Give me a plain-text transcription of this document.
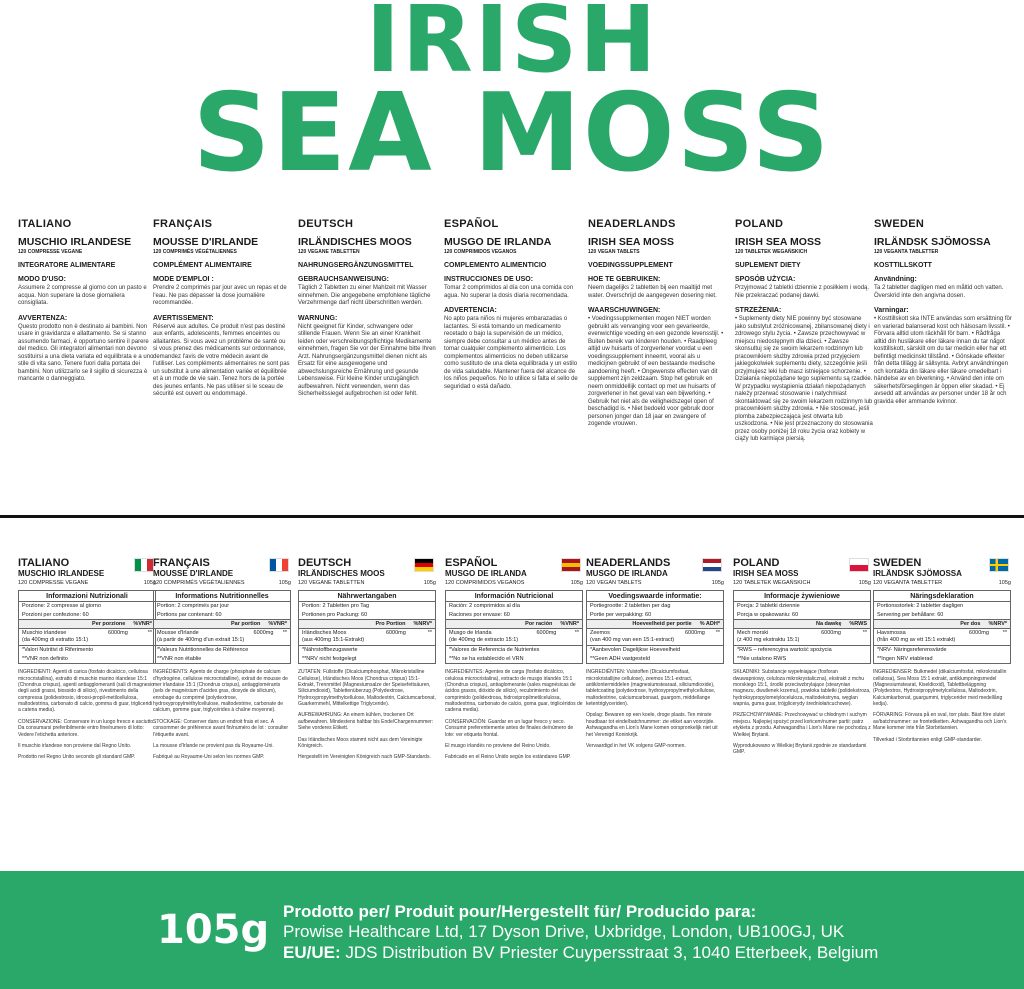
IRISH
SEA MOSS
ITALIANO
MUSCHIO IRLANDESE
120 COMPRESSE VEGANE
INTEGRATORE ALIMENTARE
MODO D'USO:
Assumere 2 compresse al giorno con un pasto e acqua. Non superare la dose giornaliera consigliata.
AVVERTENZA:
Questo prodotto non è destinato ai bambini. Non usare in gravidanza e allattamento. Se si stanno assumendo farmaci, è opportuno sentire il parere del medico. Gli integratori alimentari non devono sostituirsi a una dieta variata ed equilibrata e a uno stile di vita sano. Tenere fuori dalla portata dei bambini. Non utilizzarlo se il sigillo di sicurezza è mancante o danneggiato.
FRANÇAIS
MOUSSE D'IRLANDE
120 COMPRIMÉS VÉGÉTALIENNES
COMPLÉMENT ALIMENTAIRE
MODE D'EMPLOI :
Prendre 2 comprimés par jour avec un repas et de l'eau. Ne pas dépasser la dose journalière recommandée.
AVERTISSEMENT:
Réservé aux adultes. Ce produit n'est pas destiné aux enfants, adolescents, femmes enceintes ou allaitantes. Si vous avez un problème de santé ou si vous prenez des médicaments sur ordonnance, demandez l'avis de votre médecin avant de l'utiliser. Les compléments alimentaires ne sont pas un substitut à une alimentation variée et équilibrée et à un mode de vie sain. Tenez hors de la portée des jeunes enfants. Ne pas utiliser si le sceau de sécurité est ouvert ou endommagé.
DEUTSCH
IRLÄNDISCHES MOOS
120 VEGANE TABLETTEN
NAHRUNGSERGÄNZUNGSMITTEL
GEBRAUCHSANWEISUNG:
Täglich 2 Tabletten zu einer Mahlzeit mit Wasser einnehmen. Die angegebene empfohlene tägliche Verzehrmenge darf nicht überschritten werden.
WARNUNG:
Nicht geeignet für Kinder, schwangere oder stillende Frauen. Wenn Sie an einer Krankheit leiden oder verschreibungspflichtige Medikamente einnehmen, fragen Sie vor der Einnahme bitte Ihren Arzt. Nahrungsergänzungsmittel dienen nicht als Ersatz für eine ausgewogene und abwechslungsreiche Ernährung und gesunde Lebensweise. Für kleine Kinder unzugänglich aufbewahren. Nicht verwenden, wenn das Sicherheitssiegel aufgebrochen ist oder fehlt.
ESPAÑOL
MUSGO DE IRLANDA
120 COMPRIMIDOS VEGANOS
COMPLEMENTO ALIMENTICIO
INSTRUCCIONES DE USO:
Tomar 2 comprimidos al día con una comida con agua. No superar la dosis diaria recomendada.
ADVERTENCIA:
No apto para niños ni mujeres embarazadas o lactantes. Si está tomando un medicamento recetado o bajo la supervisión de un médico, siempre debe consultar a un médico antes de tomar cualquier complemento alimenticio. Los complementos alimenticios no deben utilizarse como sustituto de una dieta equilibrada y un estilo de vida saludable. Mantener fuera del alcance de los niños pequeños. No lo utilice si falta el sello de seguridad o está dañado.
NEADERLANDS
IRISH SEA MOSS
120 VEGAN TABLETS
VOEDINGSSUPPLEMENT
HOE TE GEBRUIKEN:
Neem dagelijks 2 tabletten bij een maaltijd met water. Overschrijd de aangegeven dosering niet.
WAARSCHUWINGEN:
• Voedingssupplementen mogen NIET worden gebruikt als vervanging voor een gevarieerde, evenwichtige voeding en een gezonde levensstijl. • Buiten bereik van kinderen houden. • Raadpleeg altijd uw huisarts of zorgverlener voordat u een voedingssupplement inneemt, vooral als u medicijnen gebruikt of een bestaande medische aandoening heeft. • Ongewenste effecten van dit supplement zijn zeldzaam. Stop het gebruik en neem onmiddellijk contact op met uw huisarts of zorgverlener in het geval van een bijwerking. • Gebruik het niet als de veiligheidszegel open of beschadigd is. • Niet bedoeld voor gebruik door personen jonger dan 18 jaar en zwangere of zogende vrouwen.
POLAND
IRISH SEA MOSS
120 TABLETEK WEGAŃSKICH
SUPLEMENT DIETY
SPOSÓB UŻYCIA:
Przyjmować 2 tabletki dziennie z posiłkiem i wodą. Nie przekraczać podanej dawki.
STRZEŻENIA:
• Suplementy diety NIE powinny być stosowane jako substytut zróżnicowanej, zbilansowanej diety i zdrowego stylu życia. • Zawsze przechowywać w miejscu niedostępnym dla dzieci. • Zawsze skonsultuj się ze swoim lekarzem rodzinnym lub pracownikiem służby zdrowia przed przyjęciem jakiegokolwiek suplementu diety, szczególnie jeśli przyjmujesz leki lub masz istniejące schorzenie. • Działania niepożądane tego suplementu są rzadkie. W przypadku wystąpienia działań niepożądanych należy przerwać stosowanie i natychmiast skontaktować się ze swoim lekarzem rodzinnym lub pracownikiem służby zdrowia. • Nie stosować, jeśli plomba zabezpieczająca jest otwarta lub uszkodzona. • Nie jest przeznaczony do stosowania przez osoby poniżej 18 roku życia oraz kobiety w ciąży lub karmiące piersią.
SWEDEN
IRLÄNDSK SJÖMOSSA
120 VEGANTA TABLETTER
KOSTTILLSKOTT
Användning:
Ta 2 tabletter dagligen med en måltid och vatten. Överskrid inte den angivna dosen.
Varningar:
• Kosttillskott ska INTE användas som ersättning för en varierad balanserad kost och hälsosam livsstil. • Förvara alltid utom räckhåll för barn. • Rådfråga alltid din husläkare eller läkare innan du tar något kosttillskott, särskilt om du tar medicin eller har ett befintligt medicinskt tillstånd. • Gönskade effekter från detta tillägg är sällsynta. Avbryt användningen och kontakta din läkare eller läkare omedelbart i händelse av en biverkning. • Använd den inte om säkerhetsförseglingen är öppen eller skadad. • Ej avsedd att användas av personer under 18 år och gravida eller ammande kvinnor.
ITALIANO
MUSCHIO IRLANDESE
120 COMPRESSE VEGANE	105g
Informazioni Nutrizionali
Porzione: 2 compresse al giorno
Porzioni per confezione: 60
Per porzione %VNR*
Muschio irlandese
(da 400mg di estratto 15:1)
6000mg	**
*Valori Nutritivi di Riferimento
**VNR non definito
INGREDIENTI: Agenti di carica (fosfato dicalcico, cellulosa microcristallina), estratto di muschio marino irlandese 15:1 (Chondrus crispus), agenti antiagglomeranti (sali di magnesio degli acidi grassi, biossido di silicio), rivestimento della compressa (polidestrosio, idrossi-propil-metilcellulosa, maltodestrina, carbonato di calcio, gomma di guar, trigliceridi a catena media).
CONSERVAZIONE: Conservare in un luogo fresco e asciutto. Da consumarsi preferibilmente entro fine/numero di lotto: Vedere l'etichetta anteriore.
Il muschio irlandese non proviene dal Regno Unito.
Prodotto nel Regno Unito secondo gli standard GMP.
FRANÇAIS
MOUSSE D'IRLANDE
120 COMPRIMÉS VÉGÉTALIENNES	105g
Informations Nutritionnelles
Portion: 2 comprimés par jour
Portions par contenant: 60
Par portion %VNR*
Mousse d'Irlande
(à partir de 400mg d'un extrait 15:1)
6000mg **
*Valeurs Nutritionnelles de Référence
**VNR non établie
INGRÉDIENTS: Agents de charge (phosphate de calcium d'hydrogène, cellulose microcristalline), extrait de mousse de mer irlandaise 15:1 (Chondrus crispus), antiagglomérants (sels de magnésium d'acides gras, dioxyde de silicium), enrobage du comprimé (polydextrose, hydroxypropylméthylcellulose, maltodextrine, carbonate de calcium, gomme guar, triglycérides à chaîne moyenne).
STOCKAGE: Conserver dans un endroit frais et sec. À consommer de préférence avant fin/numéro de lot : consulter l'étiquette avant.
La mousse d'Irlande ne provient pas du Royaume-Uni.
Fabriqué au Royaume-Uni selon les normes GMP.
DEUTSCH
IRLÄNDISCHES MOOS
120 VEGANE TABLETTEN	105g
Nährwertangaben
Portion: 2 Tabletten pro Tag
Portionen pro Packung: 60
Pro Portion %NRV*
Irländisches Moos
(aus 400mg 15:1-Extrakt)
6000mg	**
*Nährstoffbezugswerte
**NRV nicht festgelegt
ZUTATEN: Füllstoffe (Dicalciumphosphat, Mikrokristalline Cellulose), Irländisches Moos (Chondrus crispus) 15:1-Extrakt, Trennmittel (Magnesiumsalze der Speisefettsäuren, Siliciumdioxid), Tablettenüberzug (Polydextrose, Hydroxypropylmethylcellulose, Maltodextrin, Calciumcarbonat, Guarkernmehl, Mittelkettige Triglyceride).
AUFBEWAHRUNG: An einem kühlen, trockenen Ort aufbewahren. Mindestens haltbar bis Ende/Chargennummer: Siehe vorderes Etikett.
Das Irländisches Moos stammt nicht aus dem Vereinigte Königreich.
Hergestellt im Vereinigten Königreich nach GMP-Standards.
ESPAÑOL
MUSGO DE IRLANDA
120 COMPRIMIDOS VEGANOS	105g
Información Nutricional
Ración: 2 comprimidos al día
Raciones por envase: 60
Por ración %VNR*
Musgo de Irlanda
(de 400mg de extracto 15:1)
6000mg	**
*Valores de Referencia de Nutrientes
**No se ha establecido el VRN
INGREDIENTES: Agentes de carga (fosfato dicálcico, celulosa microcristalina), extracto de musgo irlandés 15:1 (Chondrus crispus), antiaglomerante (sales magnésicas de ácidos grasos, dióxido de silicio), recubrimiento del comprimido (polidextrosa, hidroxipropilmetilcelulosa, maltodextrina, carbonato de calcio, goma guar, triglicéridos de cadena media).
CONSERVACIÓN: Guardar en un lugar fresco y seco. Consumir preferentemente antes de finales de/número de lote: ver etiqueta frontal.
El musgo irlandés no proviene del Reino Unido.
Fabricado en el Reino Unido según los estándares GMP.
NEADERLANDS
MUSGO DE IRLANDA
120 VEGAN TABLETS	105g
Voedingswaarde informatie:
Portiegrootte: 2 tabletten per dag
Portie per verpakking: 60
Hoeveelheid per portie % ADH*
Zeemos
(van 400 mg van een 15:1-extract)
6000mg **
*Aanbevolen Dagelijkse Hoeveelheid
**Geen ADH vastgesteld
INGREDIËNTEN: Vulstoffen (Dicalciumfosfaat, microkristallijne cellulose), zeemos 15:1-extract, antiklontermiddelen (magnesiumstearaat, siliciumdioxide), tabletcoating (polydextrose, hydroxypropylmethylcellulose, maltodextrine, calciumcarbonaat, guargom, middellange ketentriglyceriden).
Opslag: Bewaren op een koele, droge plaats. Ten minste houdbaar tot einde/batchnummer: zie etiket aan voorzijde. Ashwagandha en Lion's Mane komen oorspronkelijk niet uit het Verenigd Koninkrijk.
Vervaardigd in het VK volgens GMP-normen.
POLAND
IRISH SEA MOSS
120 TABLETEK WEGAŃSKICH	105g
Informacje żywieniowe
Porcja: 2 tabletki dziennie
Porcja w opakowaniu: 60
Na dawkę %RWS
Mech morski
(z 400 mg ekstraktu 15:1)
6000mg	**
*RWS – referencyjna wartość spożycia
**Nie ustalono RWS
SKŁADNIKI: Substancje wypełniające (fosforan dwuwapniowy, celuloza mikrokrystaliczna), ekstrakt z mchu morskiego 15:1, środki przeciwzbrylające (stearynian magnezu, dwutlenek krzemu), powłoka tabletki (polidekstroza, hydroksypropylometyloceluloza, maltodekstryna, węglan wapnia, guma guar, trójglicerydy średniołańcuchowe).
PRZECHOWYWANIE: Przechowywać w chłodnym i suchym miejscu. Najlepiej spożyć przed końcem/numer partii: patrz etykieta z przodu. Ashwagandha i Lion's Mane nie pochodzą z Wielkiej Brytanii.
Wyprodukowano w Wielkiej Brytanii zgodnie ze standardami GMP.
SWEDEN
IRLÄNDSK SJÖMOSSA
120 VEGANTA TABLETTER	105g
Näringsdeklaration
Portionsstorlek: 2 tabletter dagligen
Servering per behållare: 60
Per dos %NRV*
Havsmossa
(från 400 mg av ett 15:1 extrakt)
6000mg	**
*NRV- Näringsreferensvärde
**Ingen NRV etablerad
INGREDIENSER: Bulkmedel (dikalciumfosfat, mikrokristallin cellulosa), Sea Moss 15:1 extrakt, antiklumpningsmedel (Magnesiumstearat, Kiseldioxid), Tablettbeläggning (Polydextros, Hydroxipropylmetylcellulosa, Maltodextrin, Kalciumkarbonat, guargummi, triglycerider med medellång kedja).
FÖRVARING: Förvara på en sval, torr plats. Bäst före slutet av/batchnummer: se frontetiketten. Ashwagandha och Lion's Mane kommer inte från Storbritannien.
Tillverkad i Storbritannien enligt GMP-standarder.
105g Prodotto per/ Produit pour/Hergestellt für/ Producido para:
Prowise Healthcare Ltd, 17 Dyson Drive, Uxbridge, London, UB100GJ, UK
EU/UE: JDS Distribution BV Priester Cuypersstraat 3, 1040 Etterbeek, Belgium
